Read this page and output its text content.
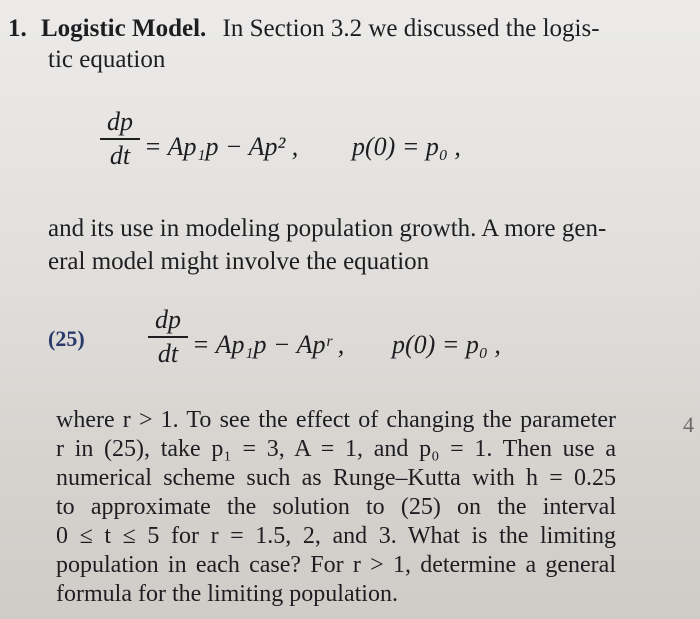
1. Logistic Model. In Section 3.2 we discussed the logis-
tic equation
dp
dt = Ap₁p − Ap² , p(0) = p₀ ,
and its use in modeling population growth. A more gen-
eral model might involve the equation
(25)
dp
dt = Ap₁p − Apʳ , p(0) = p₀ ,
where r > 1. To see the effect of changing the parameter
r in (25), take p₁ = 3, A = 1, and p₀ = 1. Then use a
numerical scheme such as Runge–Kutta with h = 0.25
to approximate the solution to (25) on the interval
0 ≤ t ≤ 5 for r = 1.5, 2, and 3. What is the limiting
population in each case? For r > 1, determine a general
formula for the limiting population.
4
